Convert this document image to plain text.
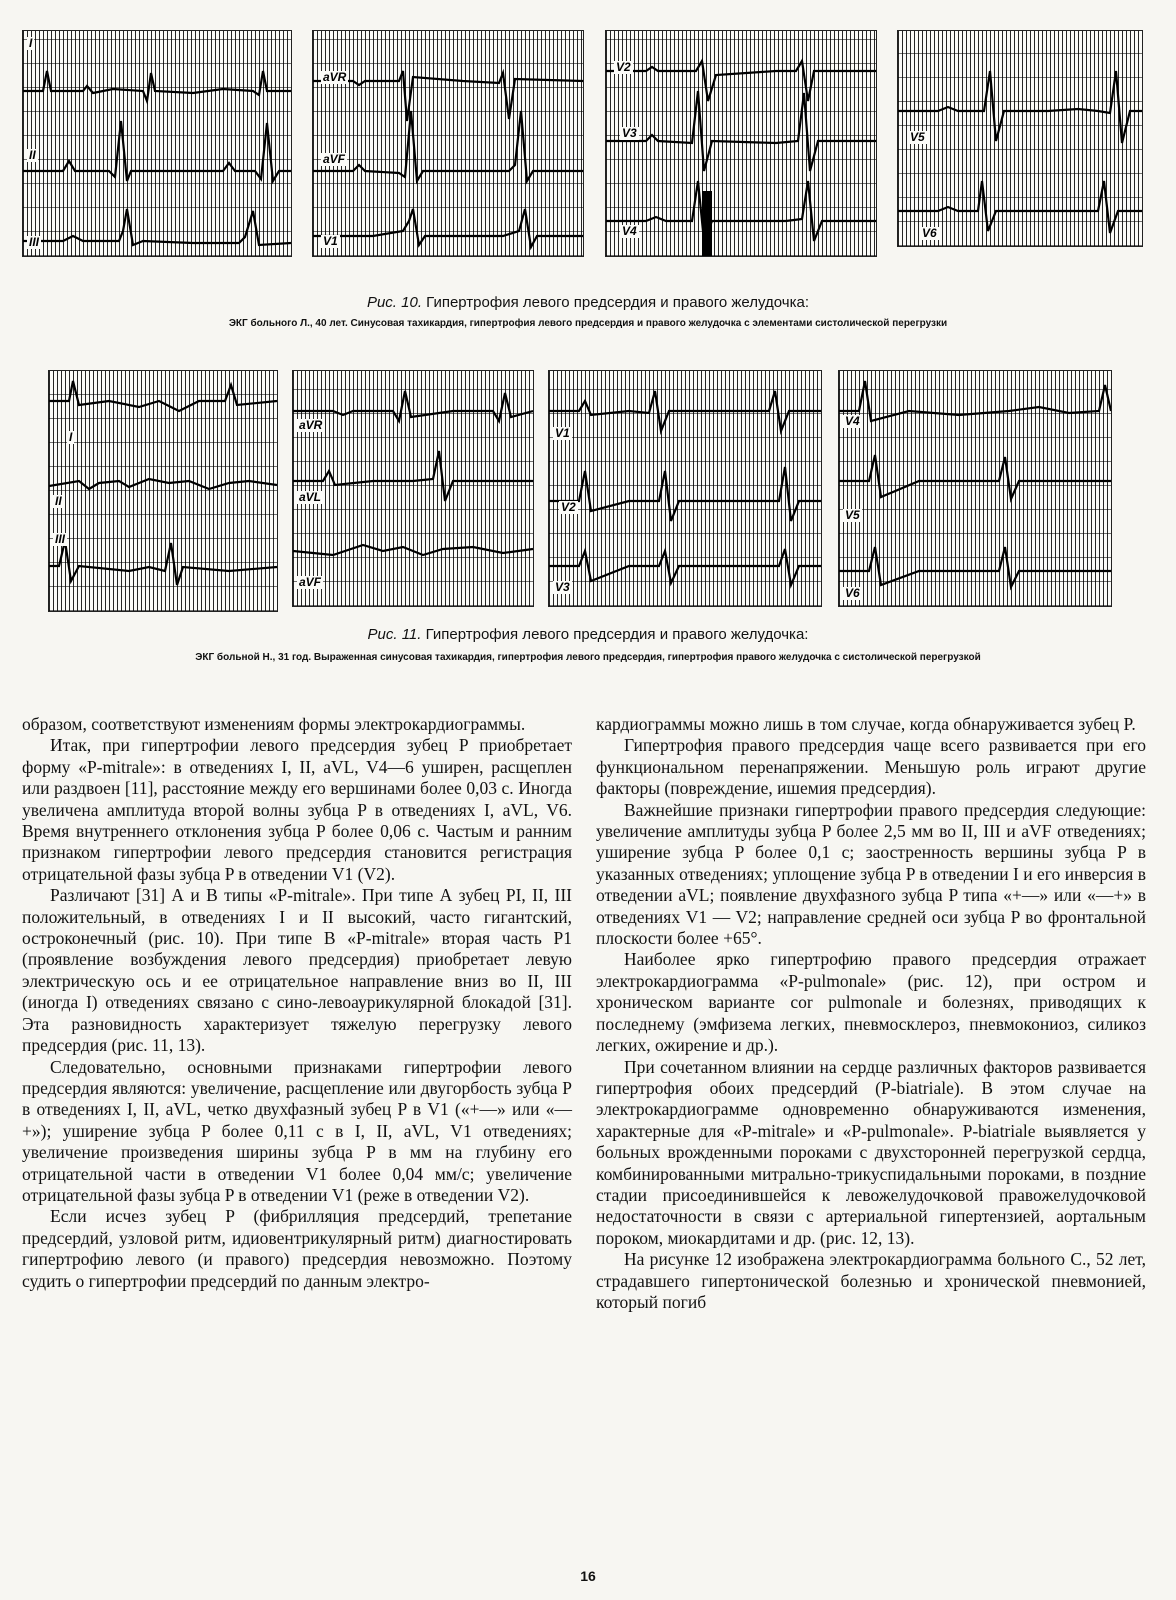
I
II
III
aVR
aVF
V1
V2
V3
V4
V5
V6
Рис. 10. Гипертрофия левого предсердия и правого желудочка:
ЭКГ больного Л., 40 лет. Синусовая тахикардия, гипертрофия левого предсердия и правого желудочка с элементами систолической перегрузки
I
II
III
aVR
aVL
aVF
V1
V2
V3
V4
V5
V6
Рис. 11. Гипертрофия левого предсердия и правого желудочка:
ЭКГ больной Н., 31 год. Выраженная синусовая тахикардия, гипертрофия левого предсердия, гипертрофия правого желудочка с систолической перегрузкой

образом, соответствуют изменениям формы электрокардиограммы.

Итак, при гипертрофии левого предсердия зубец P приобретает форму «P-mitrale»: в отведениях I, II, aVL, V4—6 уширен, расщеплен или раздвоен [11], расстояние между его вершинами более 0,03 с. Иногда увеличена амплитуда второй волны зубца P в отведениях I, aVL, V6. Время внутреннего отклонения зубца P более 0,06 с. Частым и ранним признаком гипертрофии левого предсердия становится регистрация отрицательной фазы зубца P в отведении V1 (V2).

Различают [31] А и В типы «P-mitrale». При типе А зубец PI, II, III положительный, в отведениях I и II высокий, часто гигантский, остроконечный (рис. 10). При типе В «P-mitrale» вторая часть P1 (проявление возбуждения левого предсердия) приобретает левую электрическую ось и ее отрицательное направление вниз во II, III (иногда I) отведениях связано с сино-левоаурикулярной блокадой [31]. Эта разновидность характеризует тяжелую перегрузку левого предсердия (рис. 11, 13).

Следовательно, основными признаками гипертрофии левого предсердия являются: увеличение, расщепление или двугорбость зубца P в отведениях I, II, aVL, четко двухфазный зубец P в V1 («+—» или «—+»); уширение зубца P более 0,11 с в I, II, aVL, V1 отведениях; увеличение произведения ширины зубца P в мм на глубину его отрицательной части в отведении V1 более 0,04 мм/с; увеличение отрицательной фазы зубца P в отведении V1 (реже в отведении V2).

Если исчез зубец P (фибрилляция предсердий, трепетание предсердий, узловой ритм, идиовентрикулярный ритм) диагностировать гипертрофию левого (и правого) предсердия невозможно. Поэтому судить о гипертрофии предсердий по данным электро-

кардиограммы можно лишь в том случае, когда обнаруживается зубец P.

Гипертрофия правого предсердия чаще всего развивается при его функциональном перенапряжении. Меньшую роль играют другие факторы (повреждение, ишемия предсердия).

Важнейшие признаки гипертрофии правого предсердия следующие: увеличение амплитуды зубца P более 2,5 мм во II, III и aVF отведениях; уширение зубца P более 0,1 с; заостренность вершины зубца P в указанных отведениях; уплощение зубца P в отведении I и его инверсия в отведении aVL; появление двухфазного зубца P типа «+—» или «—+» в отведениях V1 — V2; направление средней оси зубца P во фронтальной плоскости более +65°.

Наиболее ярко гипертрофию правого предсердия отражает электрокардиограмма «P-pulmonale» (рис. 12), при остром и хроническом варианте cor pulmonale и болезнях, приводящих к последнему (эмфизема легких, пневмосклероз, пневмокониоз, силикоз легких, ожирение и др.).

При сочетанном влиянии на сердце различных факторов развивается гипертрофия обоих предсердий (P-biatriale). В этом случае на электрокардиограмме одновременно обнаруживаются изменения, характерные для «P-mitrale» и «P-pulmonale». P-biatriale выявляется у больных врожденными пороками с двухсторонней перегрузкой сердца, комбинированными митрально-трикуспидальными пороками, в поздние стадии присоединившейся к левожелудочковой правожелудочковой недостаточности в связи с артериальной гипертензией, аортальным пороком, миокардитами и др. (рис. 12, 13).

На рисунке 12 изображена электрокардиограмма больного С., 52 лет, страдавшего гипертонической болезнью и хронической пневмонией, который погиб

16
